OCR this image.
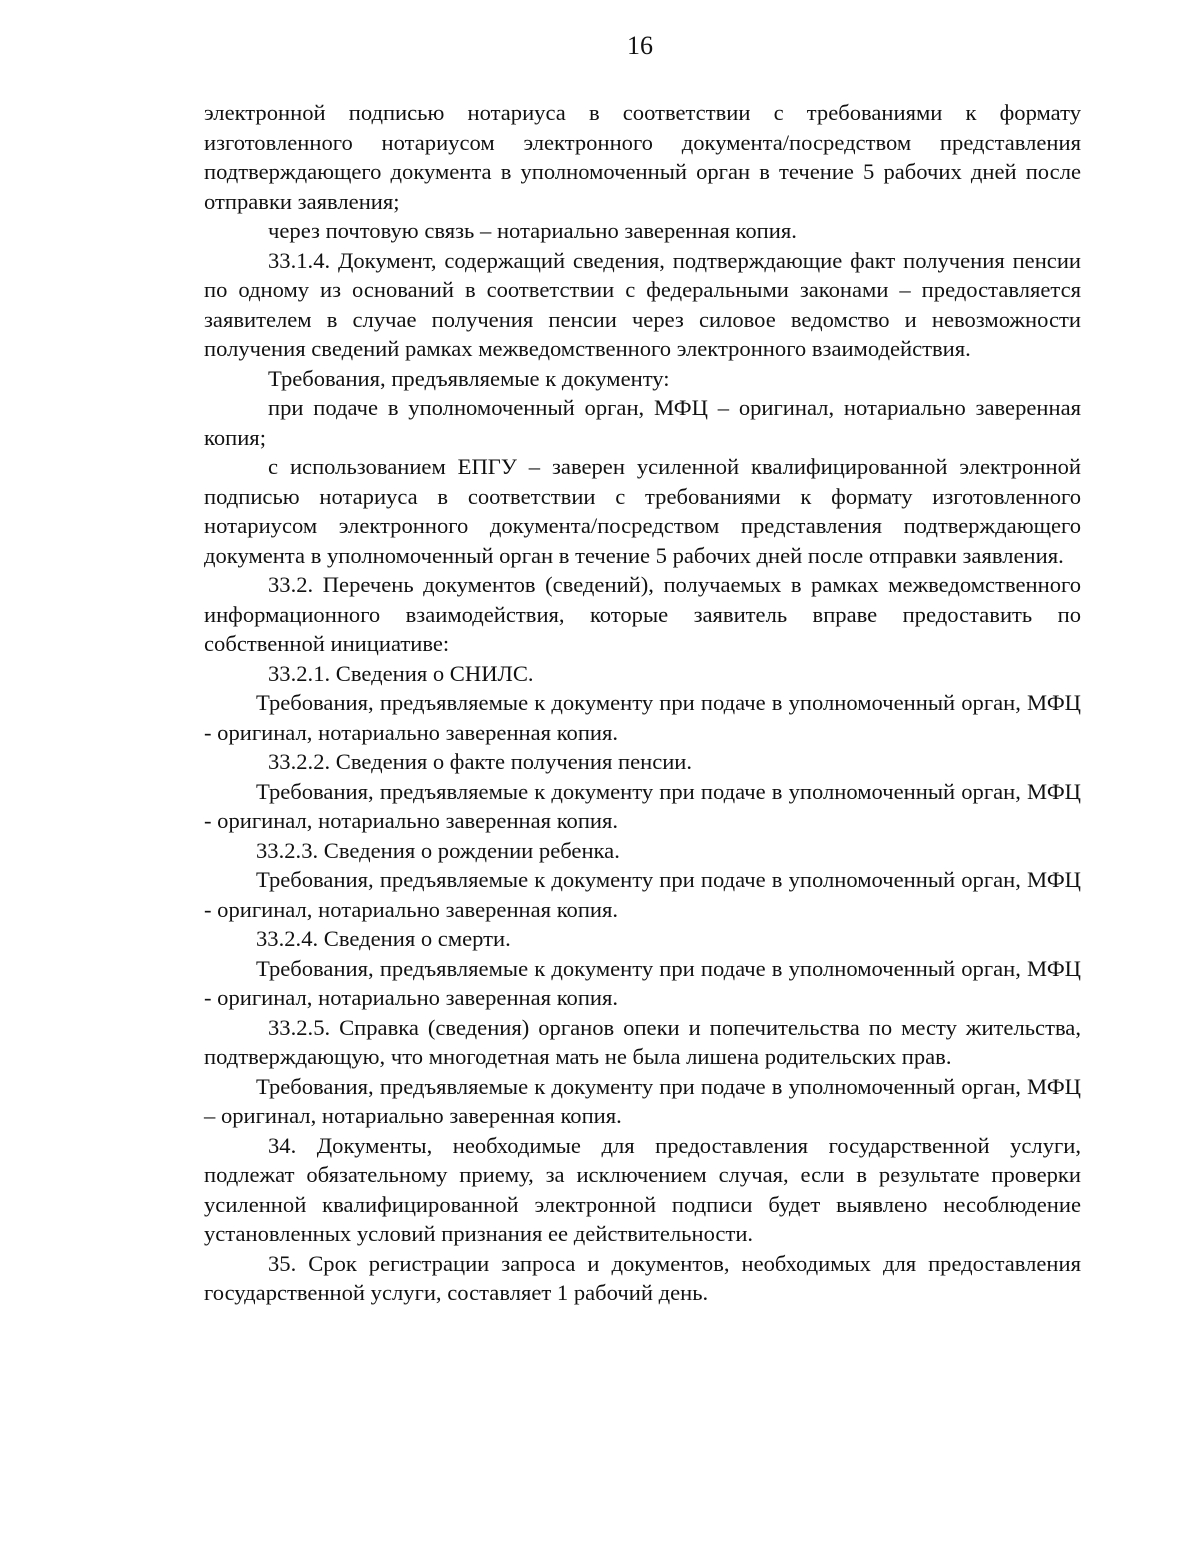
16

электронной подписью нотариуса в соответствии с требованиями к формату изготовленного нотариусом электронного документа/посредством представления подтверждающего документа в уполномоченный орган в течение 5 рабочих дней после отправки заявления;

через почтовую связь – нотариально заверенная копия.

33.1.4. Документ, содержащий сведения, подтверждающие факт получения пенсии по одному из оснований в соответствии с федеральными законами – предоставляется заявителем в случае получения пенсии через силовое ведомство и невозможности получения сведений рамках межведомственного электронного взаимодействия.

Требования, предъявляемые к документу:

при подаче в уполномоченный орган, МФЦ – оригинал, нотариально заверенная копия;

с использованием ЕПГУ – заверен усиленной квалифицированной электронной подписью нотариуса в соответствии с требованиями к формату изготовленного нотариусом электронного документа/посредством представления подтверждающего документа в уполномоченный орган в течение 5 рабочих дней после отправки заявления.

33.2. Перечень документов (сведений), получаемых в рамках межведомственного информационного взаимодействия, которые заявитель вправе предоставить по собственной инициативе:

33.2.1. Сведения о СНИЛС.

Требования, предъявляемые к документу при подаче в уполномоченный орган, МФЦ - оригинал, нотариально заверенная копия.

33.2.2. Сведения о факте получения пенсии.

Требования, предъявляемые к документу при подаче в уполномоченный орган, МФЦ - оригинал, нотариально заверенная копия.

33.2.3. Сведения о рождении ребенка.

Требования, предъявляемые к документу при подаче в уполномоченный орган, МФЦ - оригинал, нотариально заверенная копия.

33.2.4. Сведения о смерти.

Требования, предъявляемые к документу при подаче в уполномоченный орган, МФЦ - оригинал, нотариально заверенная копия.

33.2.5. Справка (сведения) органов опеки и попечительства по месту жительства, подтверждающую, что многодетная мать не была лишена родительских прав.

Требования, предъявляемые к документу при подаче в уполномоченный орган, МФЦ – оригинал, нотариально заверенная копия.

34. Документы, необходимые для предоставления государственной услуги, подлежат обязательному приему, за исключением случая, если в результате проверки усиленной квалифицированной электронной подписи будет выявлено несоблюдение установленных условий признания ее действительности.

35. Срок регистрации запроса и документов, необходимых для предоставления государственной услуги, составляет 1 рабочий день.
